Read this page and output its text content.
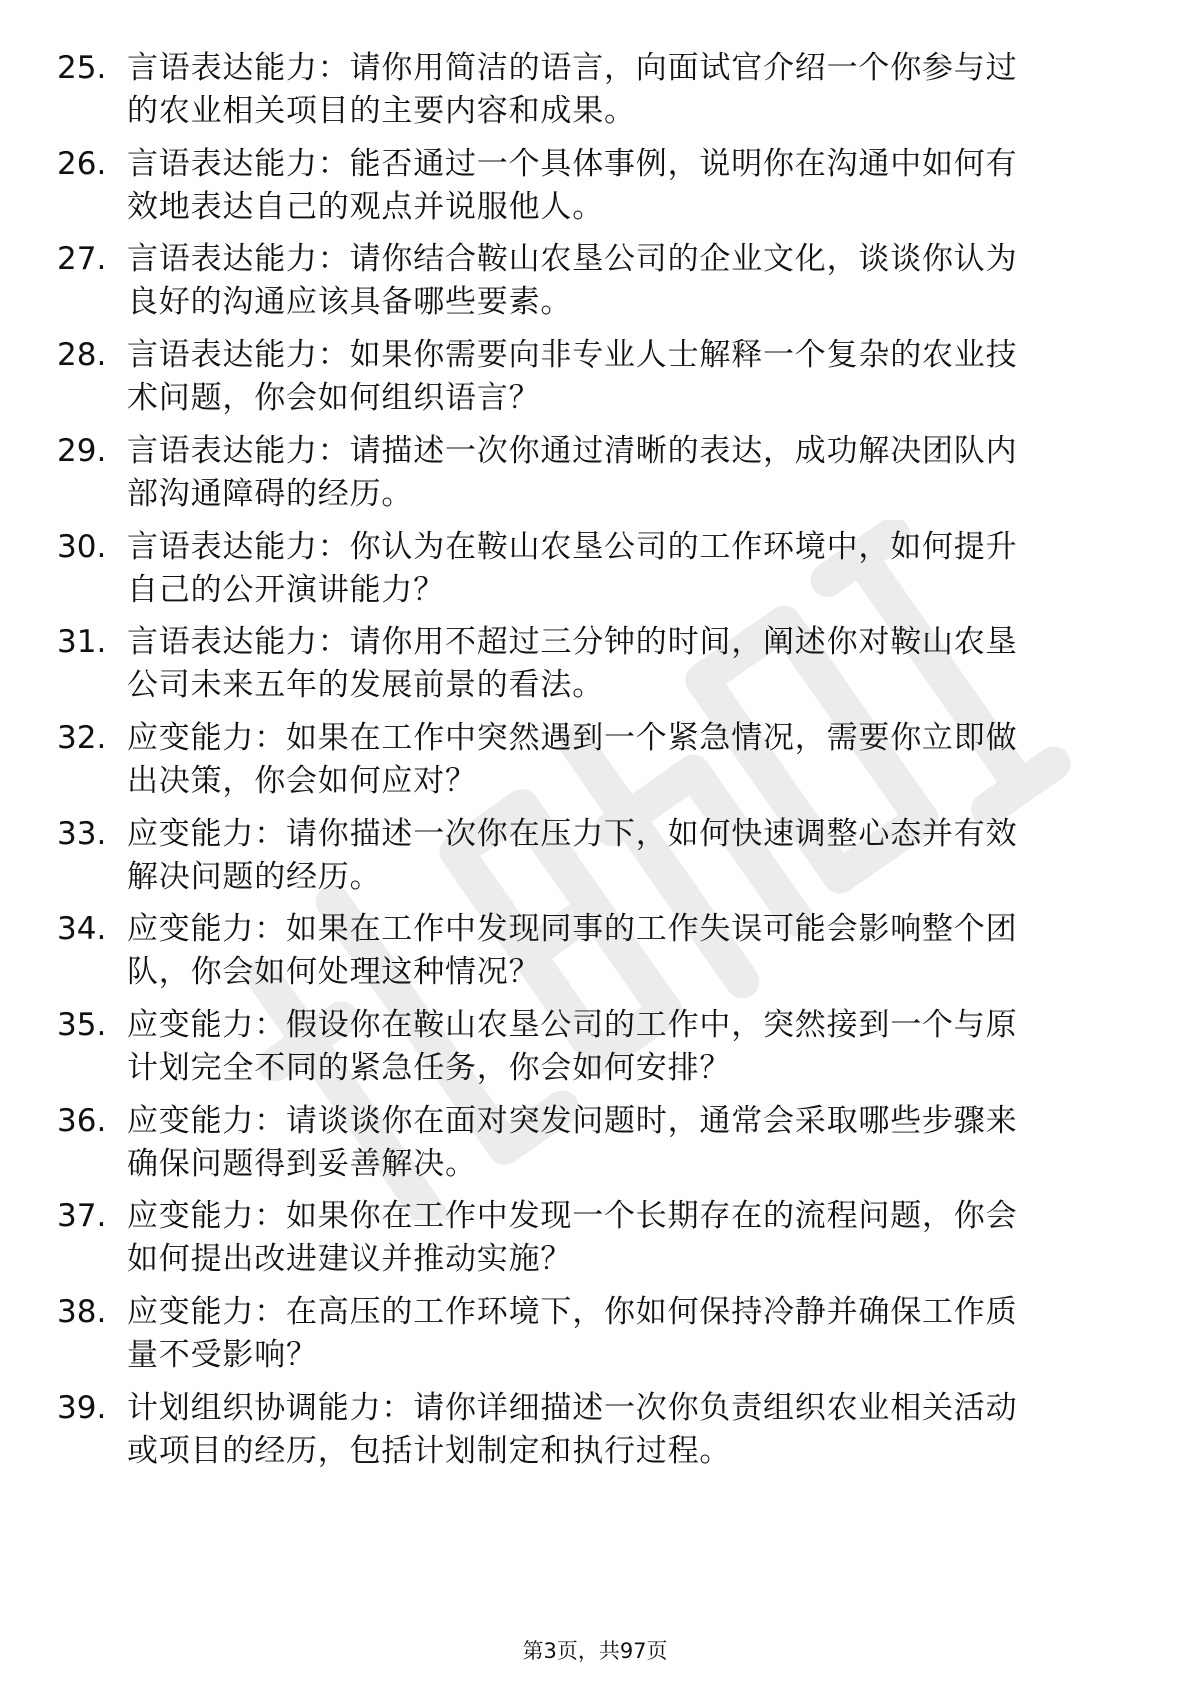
25. 言语表达能力：请你用简洁的语言，向面试官介绍一个你参与过
的农业相关项目的主要内容和成果。
26. 言语表达能力：能否通过一个具体事例，说明你在沟通中如何有
效地表达自己的观点并说服他人。
27. 言语表达能力：请你结合鞍山农垦公司的企业文化，谈谈你认为
良好的沟通应该具备哪些要素。
28. 言语表达能力：如果你需要向非专业人士解释一个复杂的农业技
术问题，你会如何组织语言？
29. 言语表达能力：请描述一次你通过清晰的表达，成功解决团队内
部沟通障碍的经历。
30. 言语表达能力：你认为在鞍山农垦公司的工作环境中，如何提升
自己的公开演讲能力？
31. 言语表达能力：请你用不超过三分钟的时间，阐述你对鞍山农垦
公司未来五年的发展前景的看法。
32. 应变能力：如果在工作中突然遇到一个紧急情况，需要你立即做
出决策，你会如何应对？
33. 应变能力：请你描述一次你在压力下，如何快速调整心态并有效
解决问题的经历。
34. 应变能力：如果在工作中发现同事的工作失误可能会影响整个团
队，你会如何处理这种情况？
35. 应变能力：假设你在鞍山农垦公司的工作中，突然接到一个与原
计划完全不同的紧急任务，你会如何安排？
36. 应变能力：请谈谈你在面对突发问题时，通常会采取哪些步骤来
确保问题得到妥善解决。
37. 应变能力：如果你在工作中发现一个长期存在的流程问题，你会
如何提出改进建议并推动实施？
38. 应变能力：在高压的工作环境下，你如何保持冷静并确保工作质
量不受影响？
39. 计划组织协调能力：请你详细描述一次你负责组织农业相关活动
或项目的经历，包括计划制定和执行过程。
第3页，共97页
